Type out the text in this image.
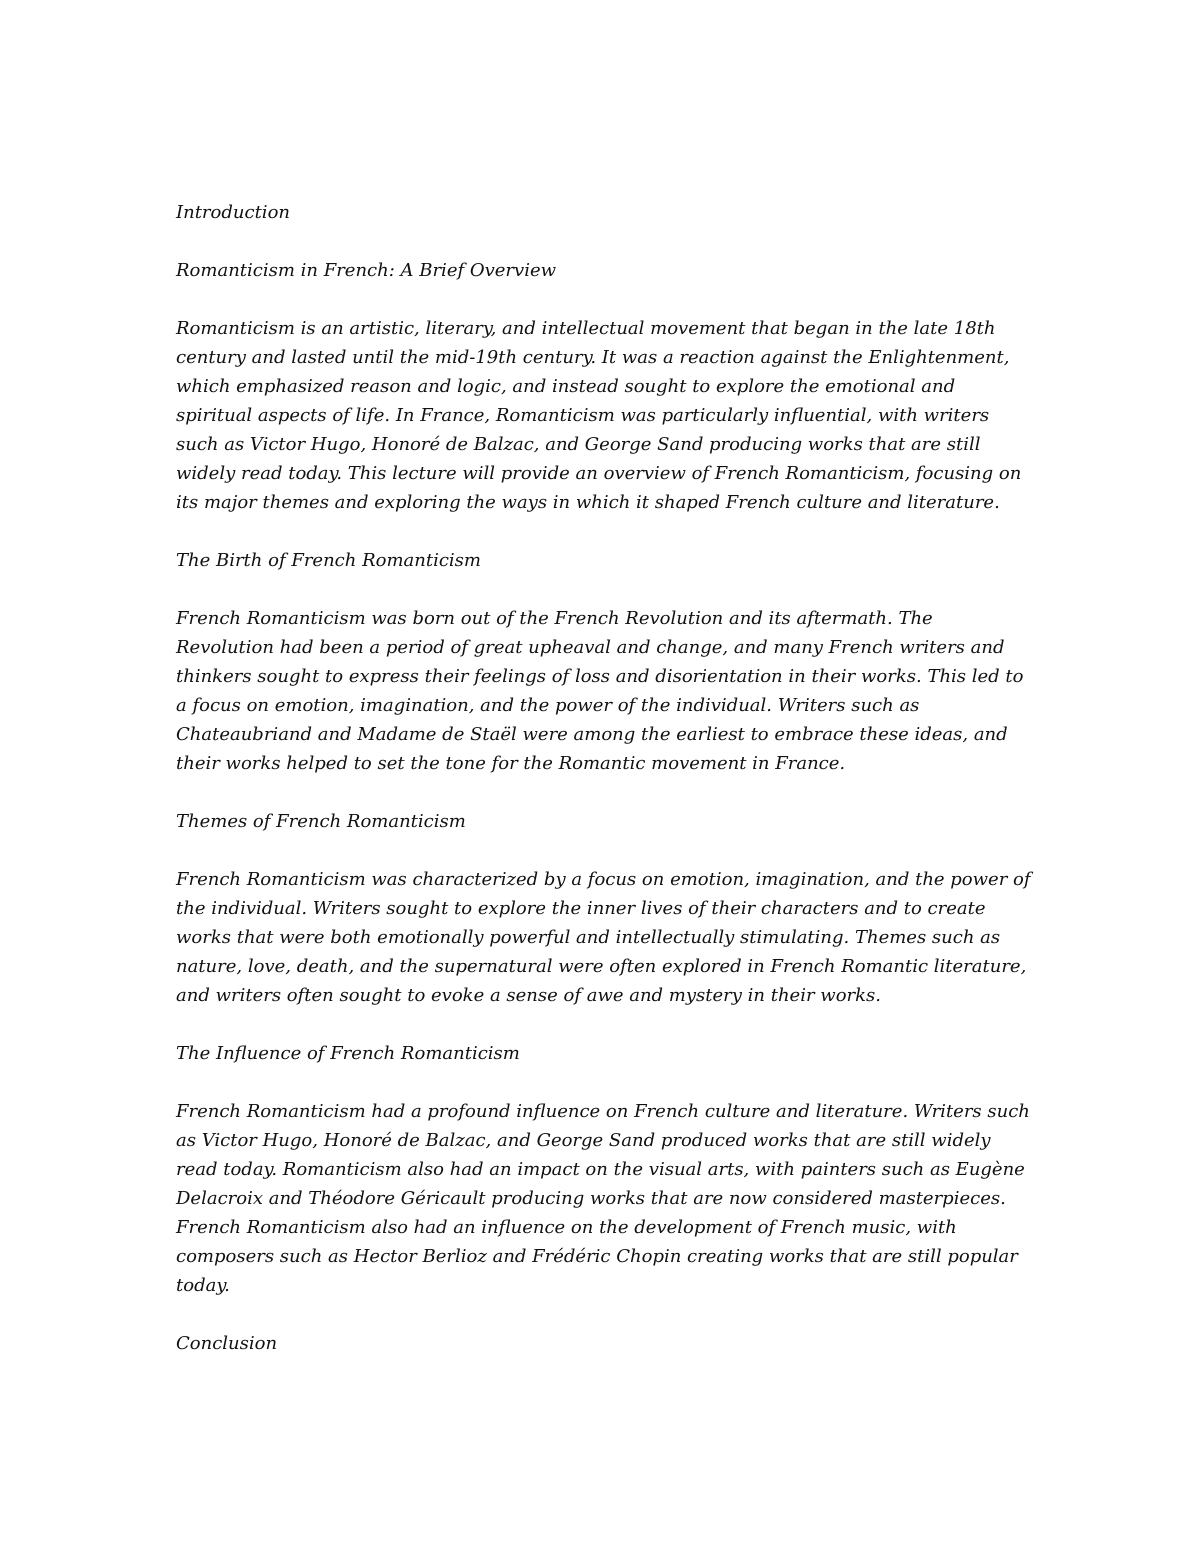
Introduction

Romanticism in French: A Brief Overview

Romanticism is an artistic, literary, and intellectual movement that began in the late 18th century and lasted until the mid-19th century. It was a reaction against the Enlightenment, which emphasized reason and logic, and instead sought to explore the emotional and spiritual aspects of life. In France, Romanticism was particularly influential, with writers such as Victor Hugo, Honoré de Balzac, and George Sand producing works that are still widely read today. This lecture will provide an overview of French Romanticism, focusing on its major themes and exploring the ways in which it shaped French culture and literature.

The Birth of French Romanticism

French Romanticism was born out of the French Revolution and its aftermath. The Revolution had been a period of great upheaval and change, and many French writers and thinkers sought to express their feelings of loss and disorientation in their works. This led to a focus on emotion, imagination, and the power of the individual. Writers such as Chateaubriand and Madame de Staël were among the earliest to embrace these ideas, and their works helped to set the tone for the Romantic movement in France.

Themes of French Romanticism

French Romanticism was characterized by a focus on emotion, imagination, and the power of the individual. Writers sought to explore the inner lives of their characters and to create works that were both emotionally powerful and intellectually stimulating. Themes such as nature, love, death, and the supernatural were often explored in French Romantic literature, and writers often sought to evoke a sense of awe and mystery in their works.

The Influence of French Romanticism

French Romanticism had a profound influence on French culture and literature. Writers such as Victor Hugo, Honoré de Balzac, and George Sand produced works that are still widely read today. Romanticism also had an impact on the visual arts, with painters such as Eugène Delacroix and Théodore Géricault producing works that are now considered masterpieces. French Romanticism also had an influence on the development of French music, with composers such as Hector Berlioz and Frédéric Chopin creating works that are still popular today.

Conclusion
